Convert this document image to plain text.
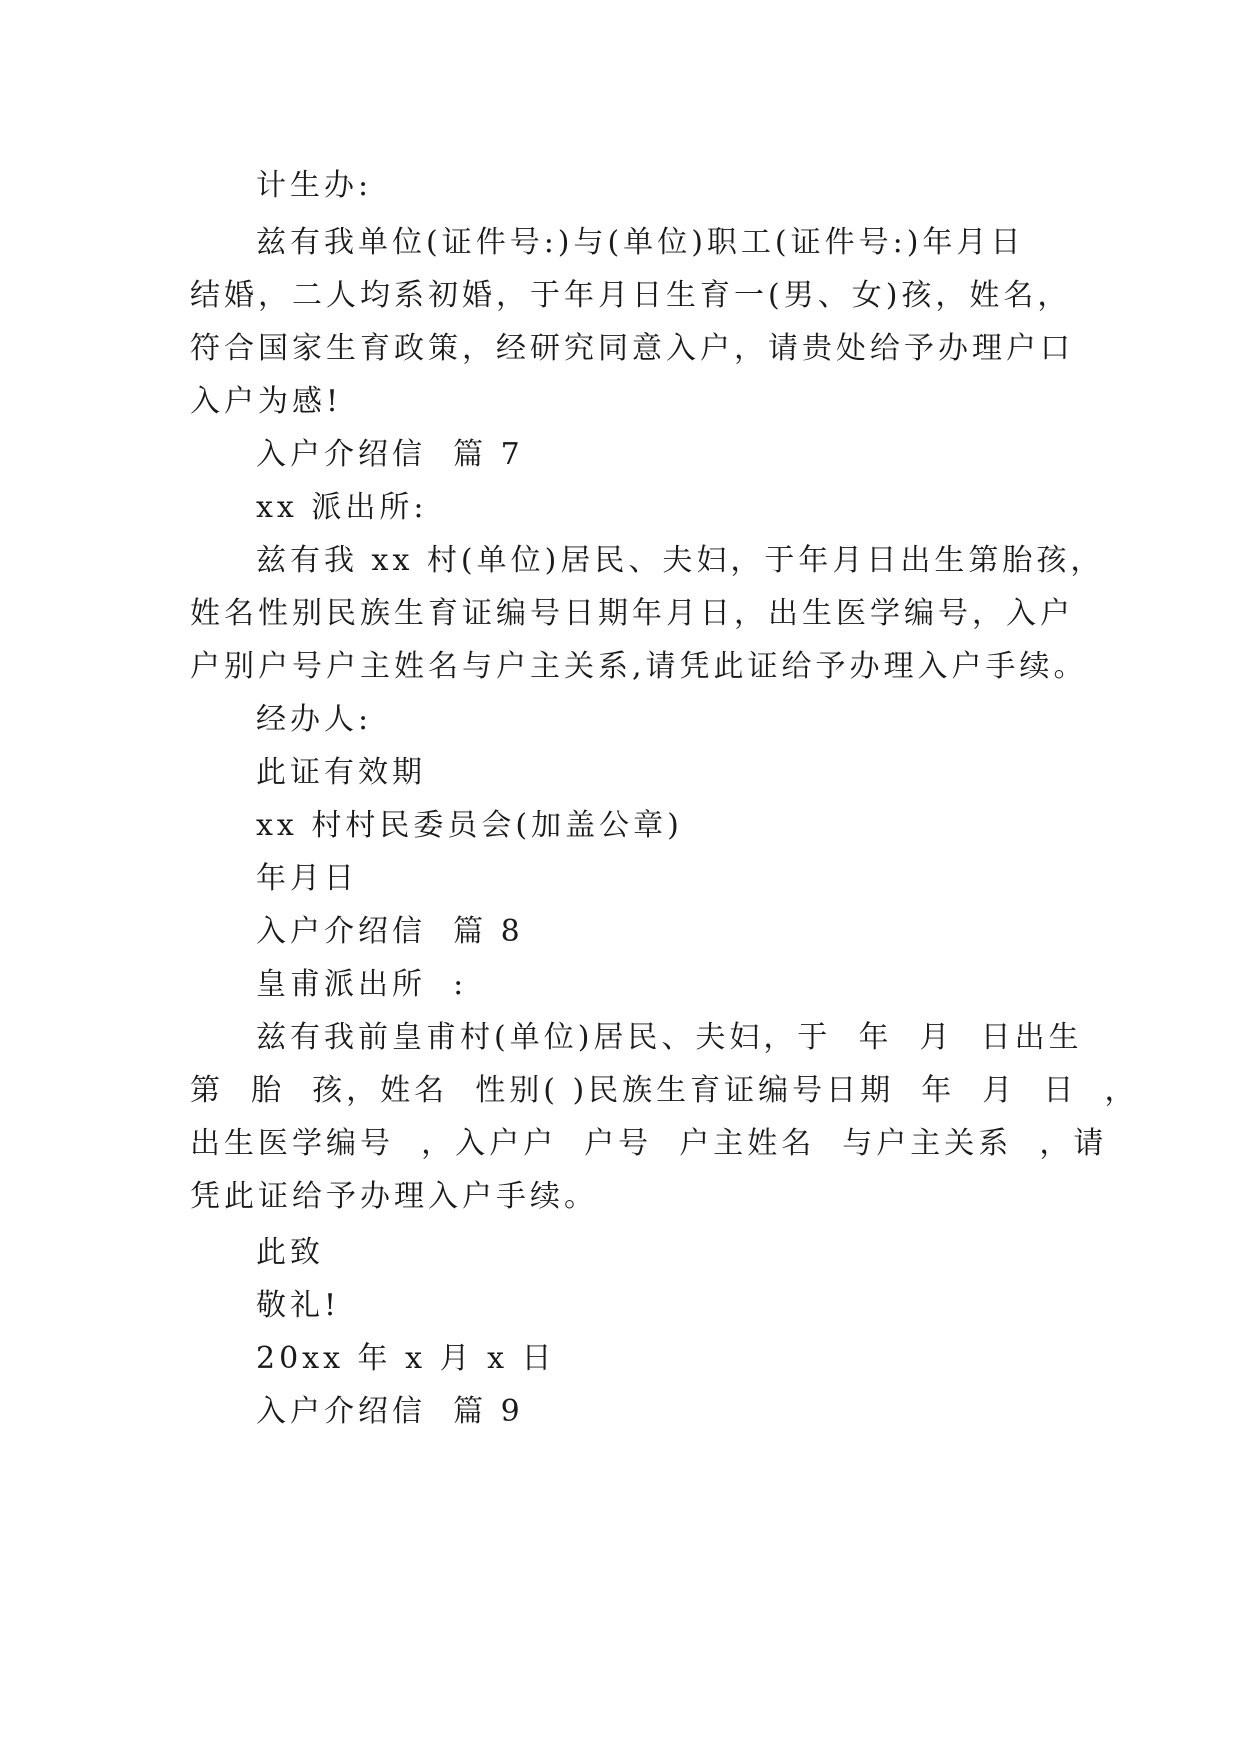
计生办:
兹有我单位(证件号:)与(单位)职工(证件号:)年月日
结婚，二人均系初婚，于年月日生育一(男、女)孩，姓名，
符合国家生育政策，经研究同意入户，请贵处给予办理户口
入户为感!
入户介绍信  篇 7
xx 派出所:
兹有我 xx 村(单位)居民、夫妇，于年月日出生第胎孩，
姓名性别民族生育证编号日期年月日，出生医学编号，入户
户别户号户主姓名与户主关系,请凭此证给予办理入户手续。
经办人:
此证有效期
xx 村村民委员会(加盖公章)
年月日
入户介绍信  篇 8
皇甫派出所  :
兹有我前皇甫村(单位)居民、夫妇，于  年  月  日出生
第  胎  孩，姓名  性别( )民族生育证编号日期  年  月  日  ，
出生医学编号  ，入户户  户号  户主姓名  与户主关系  ，请
凭此证给予办理入户手续。
此致
敬礼!
20xx 年 x 月 x 日
入户介绍信  篇 9
